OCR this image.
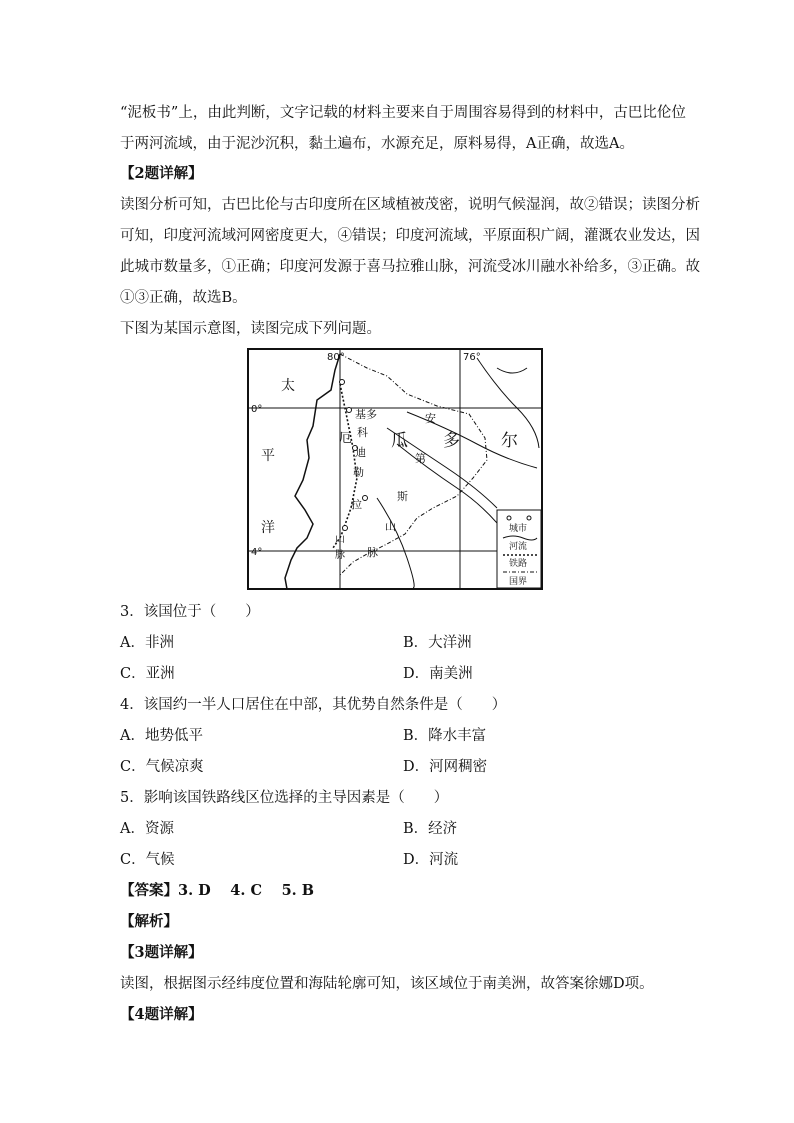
“泥板书”上，由此判断，文字记载的材料主要来自于周围容易得到的材料中，古巴比伦位
于两河流域，由于泥沙沉积，黏土遍布，水源充足，原料易得，A正确，故选A。
【2题详解】
读图分析可知，古巴比伦与古印度所在区域植被茂密，说明气候湿润，故②错误；读图分析
可知，印度河流域河网密度更大，④错误；印度河流域，平原面积广阔，灌溉农业发达，因
此城市数量多，①正确；印度河发源于喜马拉雅山脉，河流受冰川融水补给多，③正确。故
①③正确，故选B。
下图为某国示意图，读图完成下列问题。
80°	76°
0°
4°
太
平
洋
基多
厄 瓜 多 尔
安
第
斯
山
脉
科
迪
勒
拉
山
脉
城市
河流
铁路
国界
3．该国位于（　　）
A．非洲	B．大洋洲
C．亚洲	D．南美洲
4．该国约一半人口居住在中部，其优势自然条件是（　　）
A．地势低平	B．降水丰富
C．气候凉爽	D．河网稠密
5．影响该国铁路线区位选择的主导因素是（　　）
A．资源	B．经济
C．气候	D．河流
【答案】3. D　 4. C　 5. B
【解析】
【3题详解】
读图，根据图示经纬度位置和海陆轮廓可知，该区域位于南美洲，故答案徐娜D项。
【4题详解】
